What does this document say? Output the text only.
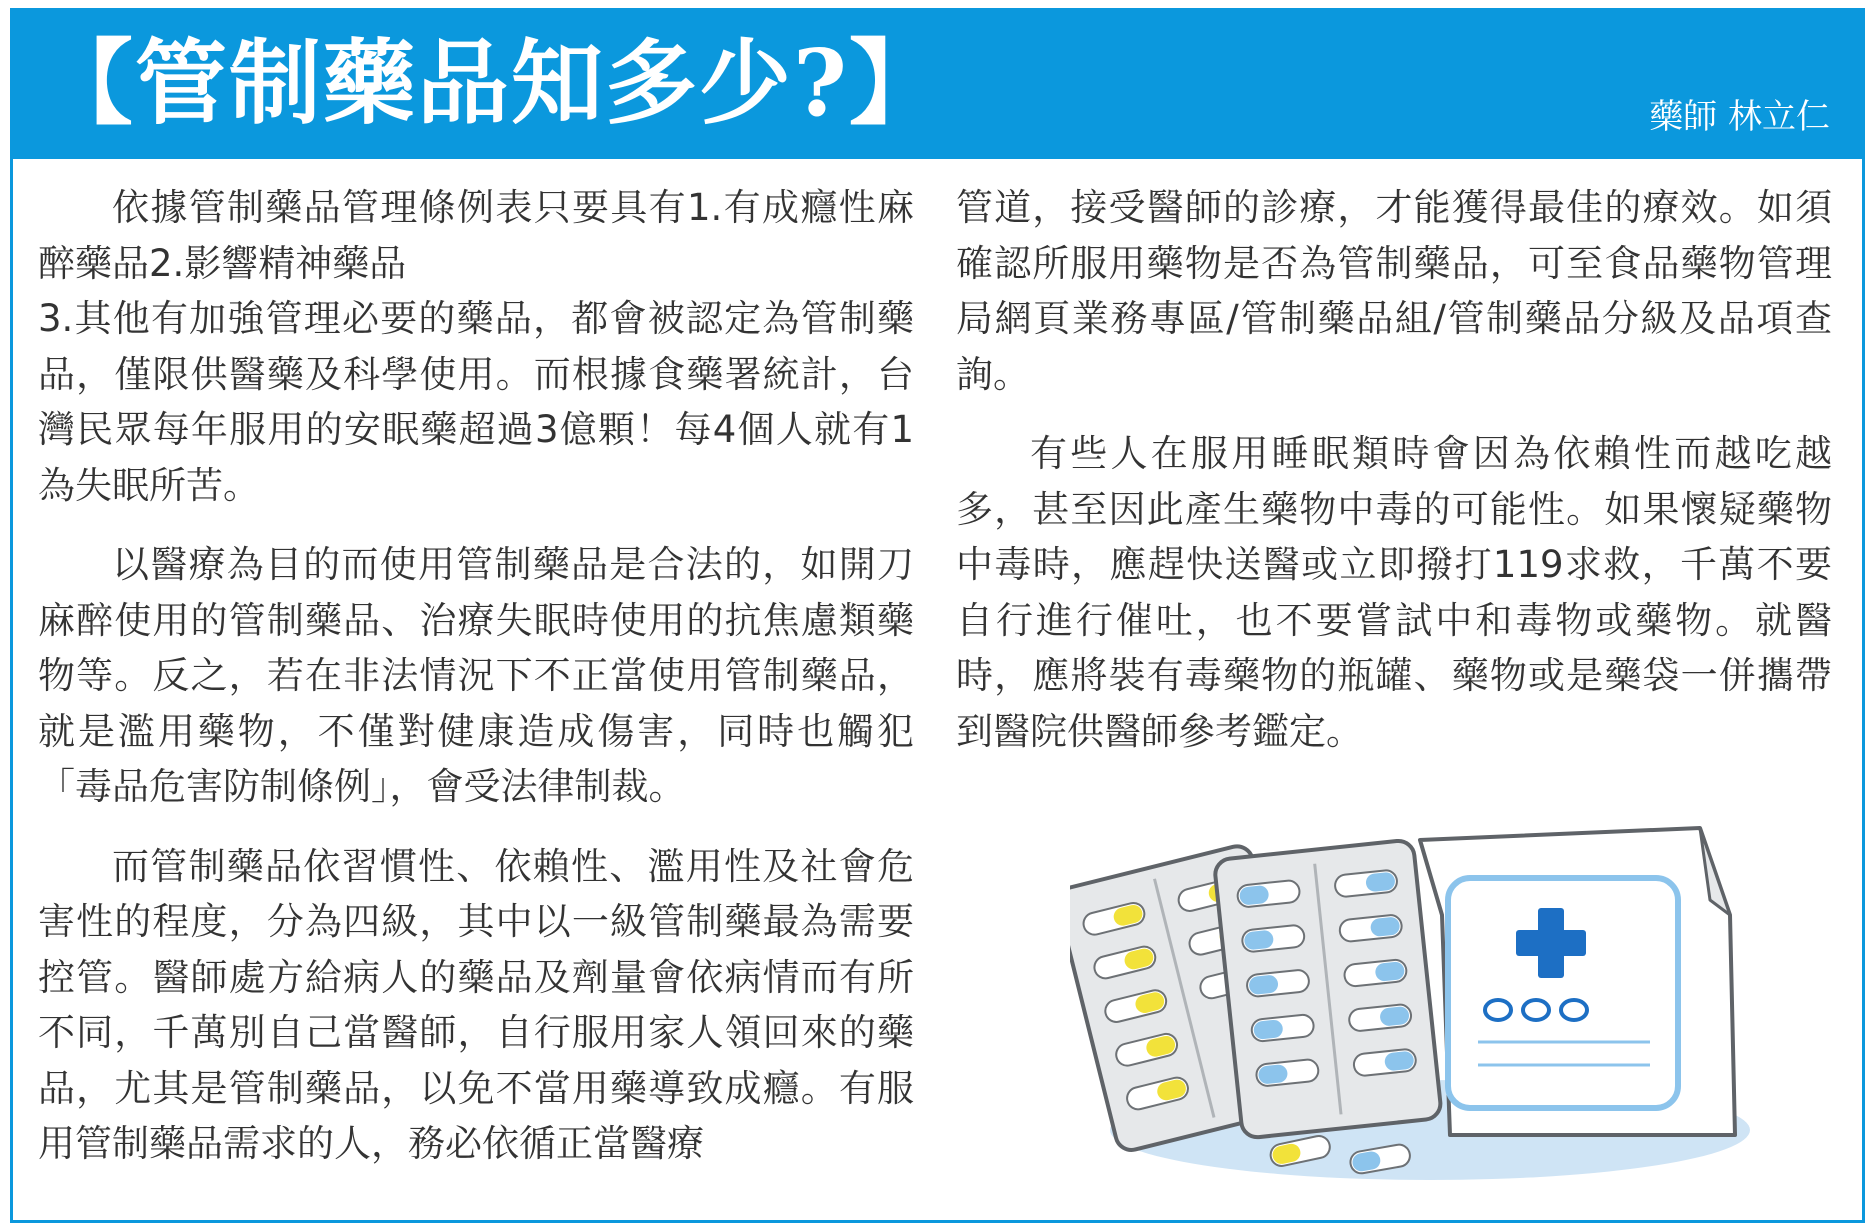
【管制藥品知多少?】	藥師 林立仁

依據管制藥品管理條例表只要具有1.有成癮性麻醉藥品2.影響精神藥品
3.其他有加強管理必要的藥品，都會被認定為管制藥品，僅限供醫藥及科學使用。而根據食藥署統計，台灣民眾每年服用的安眠藥超過3億顆！每4個人就有1為失眠所苦。

以醫療為目的而使用管制藥品是合法的，如開刀麻醉使用的管制藥品、治療失眠時使用的抗焦慮類藥物等。反之，若在非法情況下不正當使用管制藥品，就是濫用藥物，不僅對健康造成傷害，同時也觸犯「毒品危害防制條例」，會受法律制裁。

而管制藥品依習慣性、依賴性、濫用性及社會危害性的程度，分為四級，其中以一級管制藥最為需要控管。醫師處方給病人的藥品及劑量會依病情而有所不同，千萬別自己當醫師，自行服用家人領回來的藥品，尤其是管制藥品，以免不當用藥導致成癮。有服用管制藥品需求的人，務必依循正當醫療

管道，接受醫師的診療，才能獲得最佳的療效。如須確認所服用藥物是否為管制藥品，可至食品藥物管理局網頁業務專區/管制藥品組/管制藥品分級及品項查詢。

有些人在服用睡眠類時會因為依賴性而越吃越多，甚至因此產生藥物中毒的可能性。如果懷疑藥物中毒時，應趕快送醫或立即撥打119求救，千萬不要自行進行催吐，也不要嘗試中和毒物或藥物。就醫時，應將裝有毒藥物的瓶罐、藥物或是藥袋一併攜帶到醫院供醫師參考鑑定。
